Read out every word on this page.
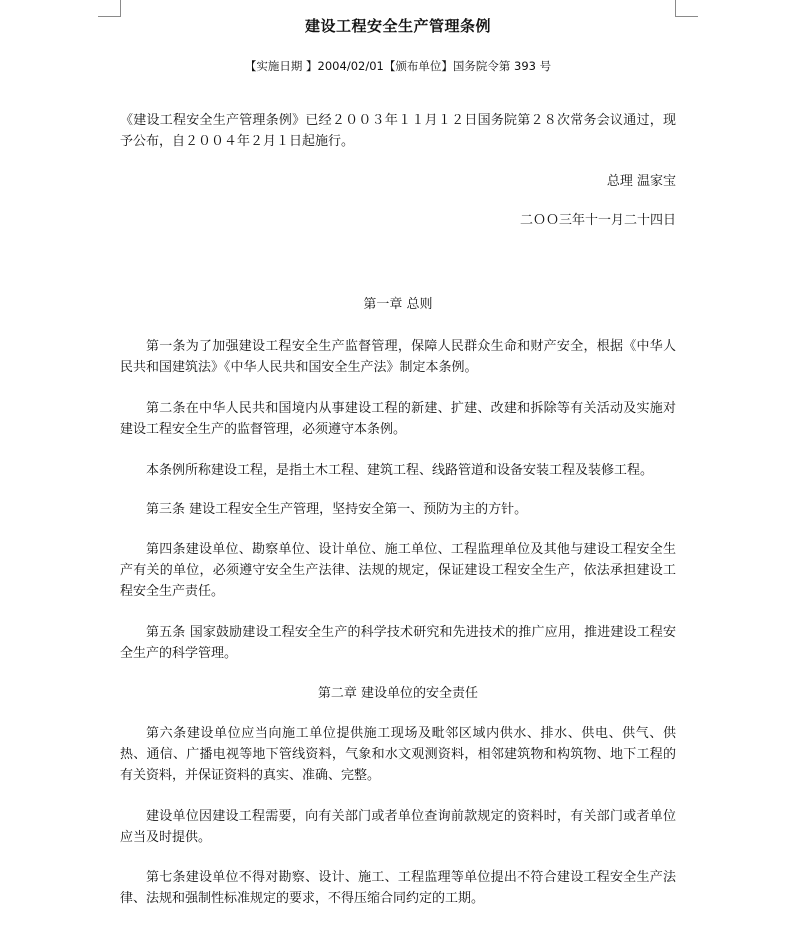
建设工程安全生产管理条例
【实施日期 】2004/02/01【颁布单位】国务院令第 393 号

《建设工程安全生产管理条例》已经２００３年１１月１２日国务院第２８次常务会议通过，现予公布，自２００４年２月１日起施行。

总理 温家宝

二ＯＯ三年十一月二十四日

第一章 总则

第一条为了加强建设工程安全生产监督管理，保障人民群众生命和财产安全，根据《中华人民共和国建筑法》《中华人民共和国安全生产法》制定本条例。

第二条在中华人民共和国境内从事建设工程的新建、扩建、改建和拆除等有关活动及实施对建设工程安全生产的监督管理，必须遵守本条例。

本条例所称建设工程，是指土木工程、建筑工程、线路管道和设备安装工程及装修工程。

第三条 建设工程安全生产管理，坚持安全第一、预防为主的方针。

第四条建设单位、勘察单位、设计单位、施工单位、工程监理单位及其他与建设工程安全生产有关的单位，必须遵守安全生产法律、法规的规定，保证建设工程安全生产，依法承担建设工程安全生产责任。

第五条 国家鼓励建设工程安全生产的科学技术研究和先进技术的推广应用，推进建设工程安全生产的科学管理。

第二章 建设单位的安全责任

第六条建设单位应当向施工单位提供施工现场及毗邻区域内供水、排水、供电、供气、供热、通信、广播电视等地下管线资料，气象和水文观测资料，相邻建筑物和构筑物、地下工程的有关资料，并保证资料的真实、准确、完整。

建设单位因建设工程需要，向有关部门或者单位查询前款规定的资料时，有关部门或者单位应当及时提供。

第七条建设单位不得对勘察、设计、施工、工程监理等单位提出不符合建设工程安全生产法律、法规和强制性标准规定的要求，不得压缩合同约定的工期。
